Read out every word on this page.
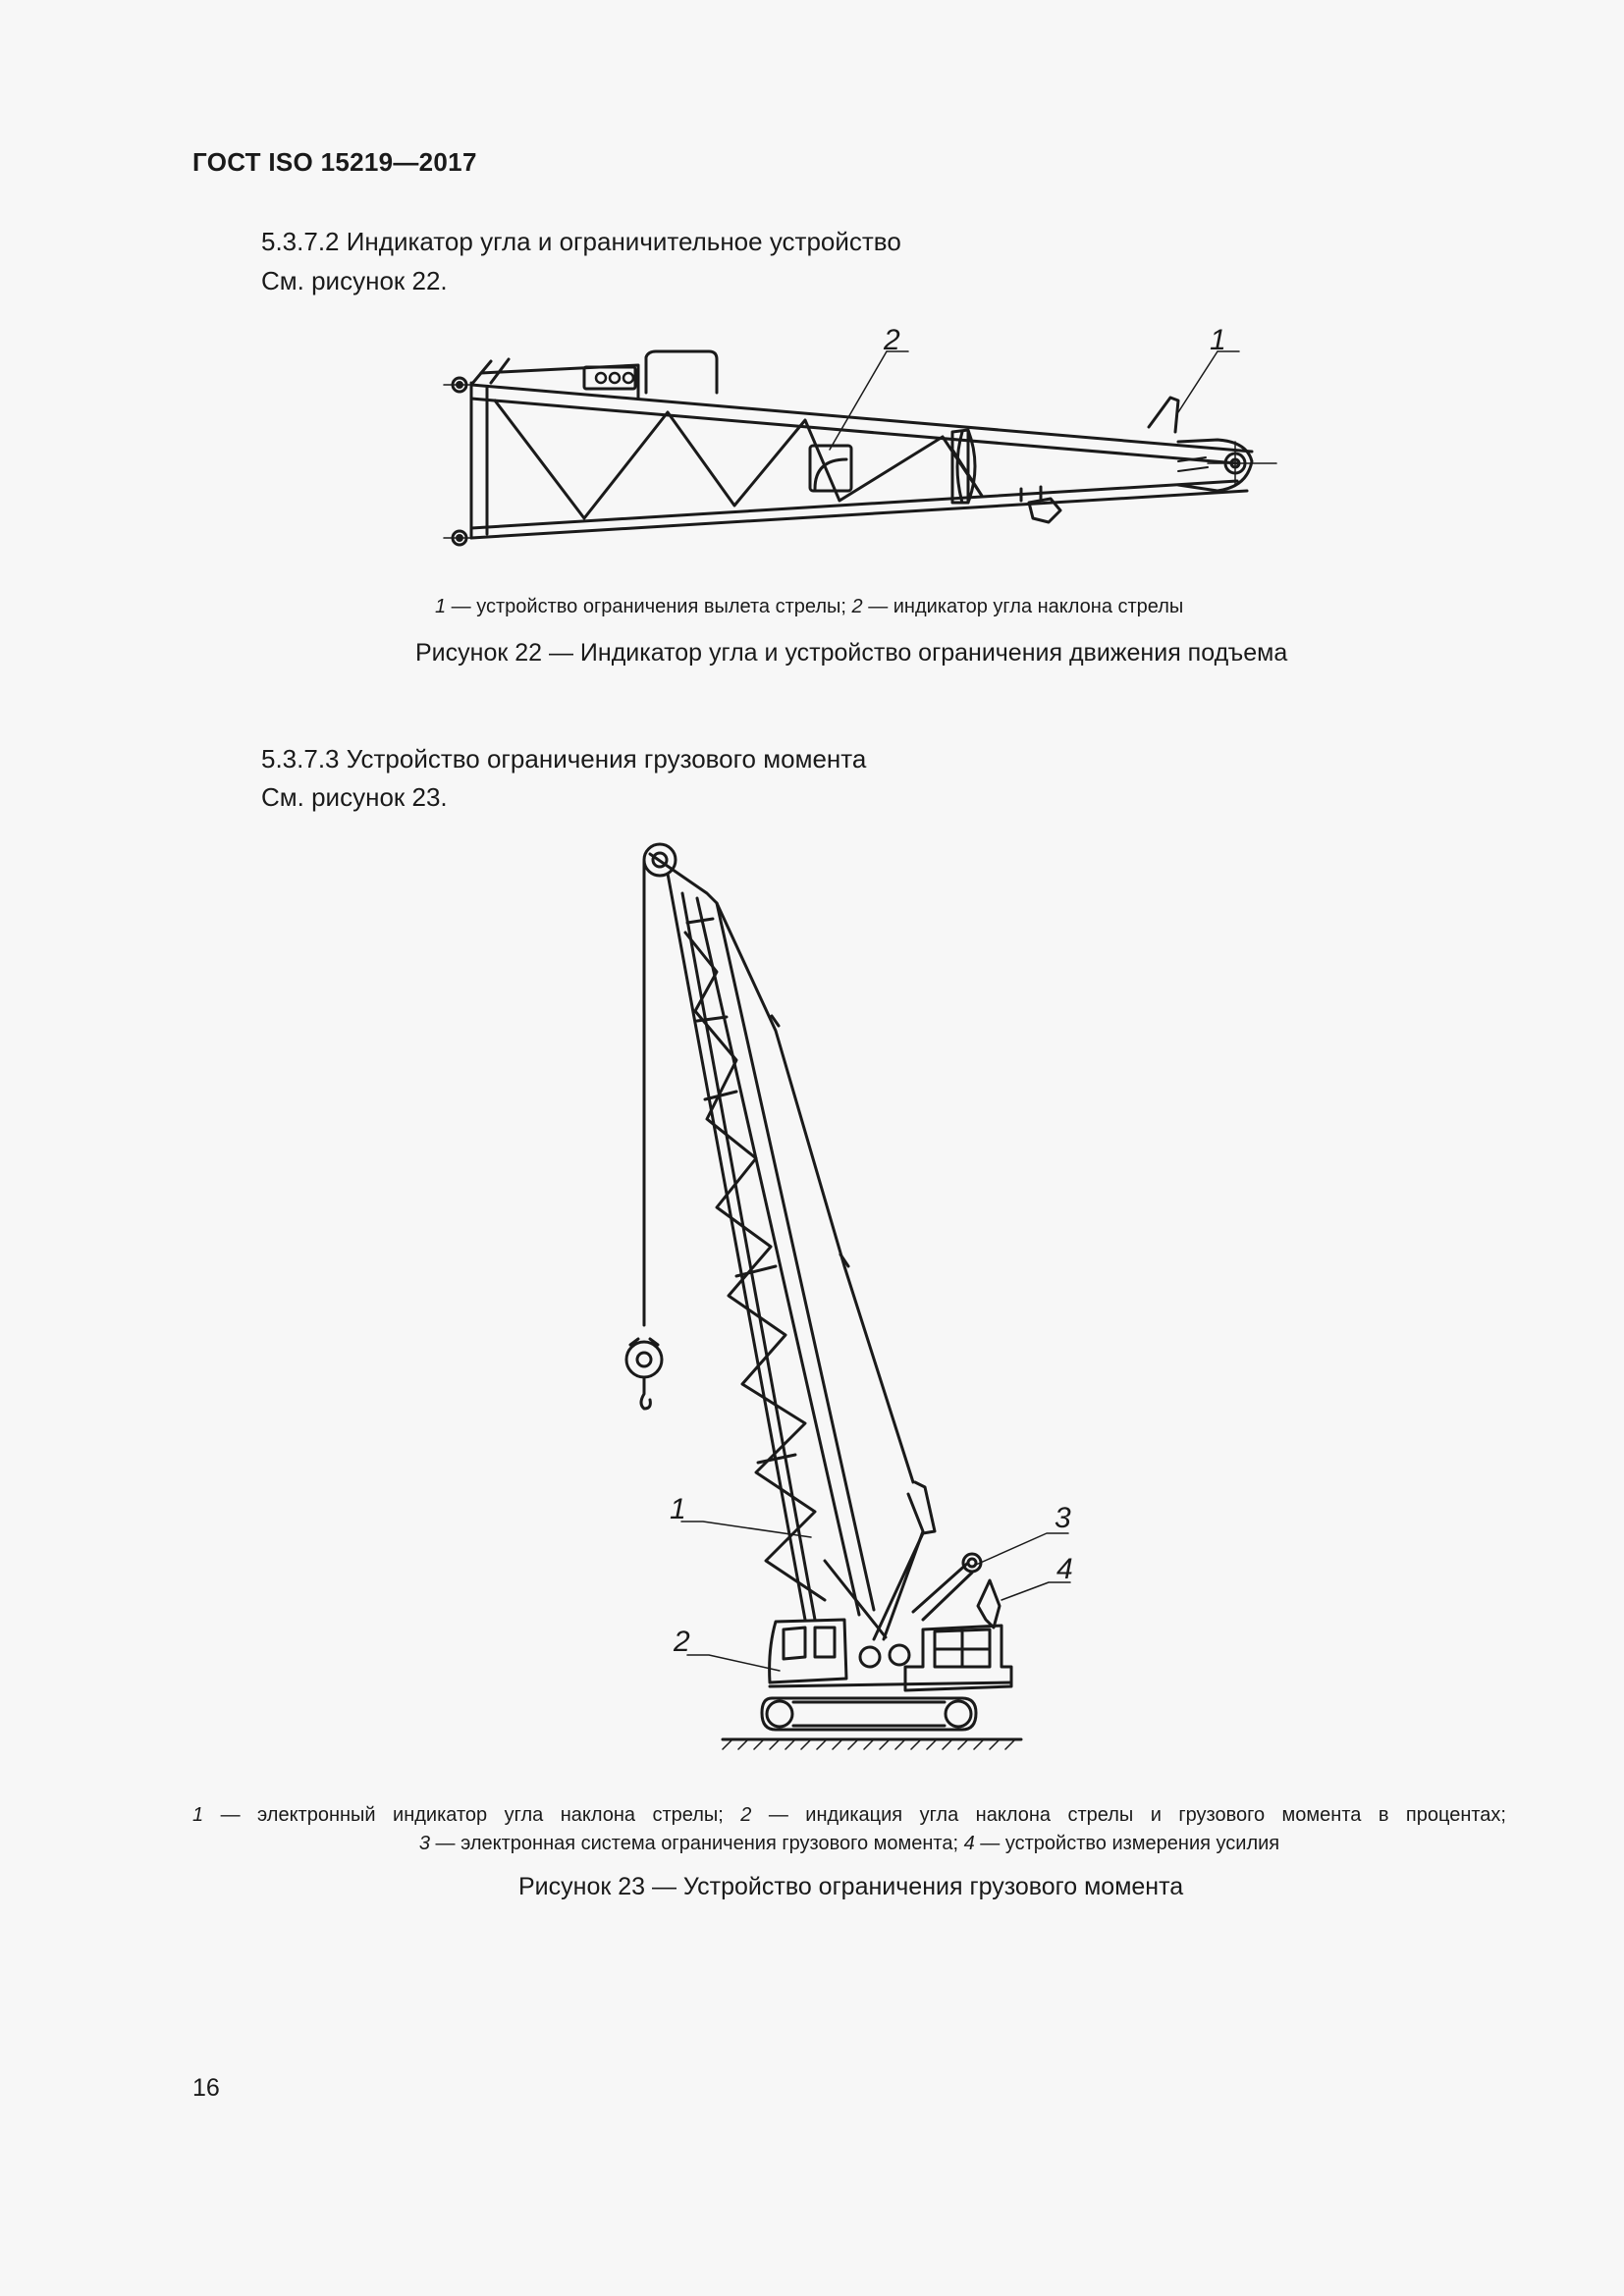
ГОСТ ISO 15219—2017
5.3.7.2 Индикатор угла и ограничительное устройство
См. рисунок 22.
2	1
1 — устройство ограничения вылета стрелы; 2 — индикатор угла наклона стрелы
Рисунок 22 — Индикатор угла и устройство ограничения движения подъема
5.3.7.3 Устройство ограничения грузового момента
См. рисунок 23.
1
2
3
4
1 — электронный индикатор угла наклона стрелы; 2 — индикация угла наклона стрелы и грузового момента в процентах;
3 — электронная система ограничения грузового момента; 4 — устройство измерения усилия
Рисунок 23 — Устройство ограничения грузового момента
16
